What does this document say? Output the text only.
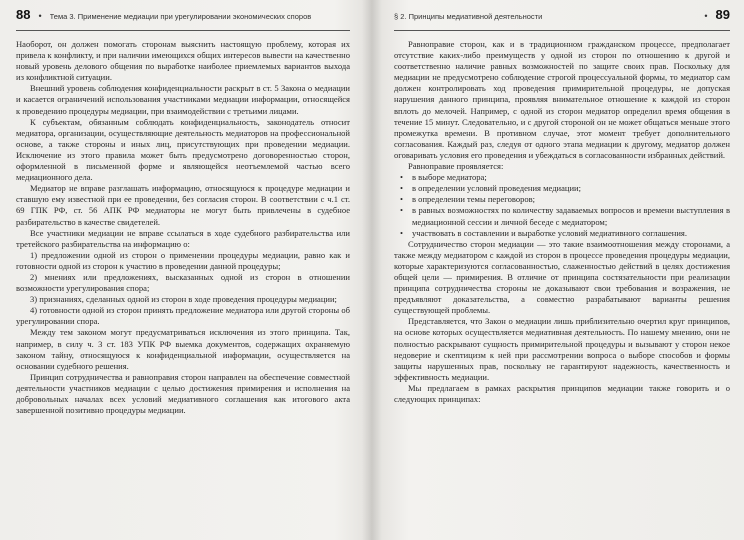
88 • Тема 3. Применение медиации при урегулировании экономических споров

Наоборот, он должен помогать сторонам выяснить настоящую проблему, которая их привела к конфликту, и при наличии имеющихся общих интересов вывести на качественно новый уровень делового общения по выработке наиболее приемлемых вариантов выхода из конфликтной ситуации.

Внешний уровень соблюдения конфиденциальности раскрыт в ст. 5 Закона о медиации и касается ограничений использования участниками медиации информации, относящейся к проведению процедуры медиации, при взаимодействии с третьими лицами.

К субъектам, обязанным соблюдать конфиденциальность, законодатель относит медиатора, организации, осуществляющие деятельность медиаторов на профессиональной основе, а также стороны и иных лиц, присутствующих при проведении медиации. Исключение из этого правила может быть предусмотрено договоренностью сторон, оформленной в письменной форме и являющейся неотъемлемой частью всего медиационного дела.

Медиатор не вправе разглашать информацию, относящуюся к процедуре медиации и ставшую ему известной при ее проведении, без согласия сторон. В соответствии с ч.1 ст. 69 ГПК РФ, ст. 56 АПК РФ медиаторы не могут быть привлечены в судебное разбирательство в качестве свидетелей.

Все участники медиации не вправе ссылаться в ходе судебного разбирательства или третейского разбирательства на информацию о:

1) предложении одной из сторон о применении процедуры медиации, равно как и готовности одной из сторон к участию в проведении данной процедуры;

2) мнениях или предложениях, высказанных одной из сторон в отношении возможности урегулирования спора;

3) признаниях, сделанных одной из сторон в ходе проведения процедуры медиации;

4) готовности одной из сторон принять предложение медиатора или другой стороны об урегулировании спора.

Между тем законом могут предусматриваться исключения из этого принципа. Так, например, в силу ч. 3 ст. 183 УПК РФ выемка документов, содержащих охраняемую законом тайну, относящуюся к конфиденциальной информации, осуществляется на основании судебного решения.

Принцип сотрудничества и равноправия сторон направлен на обеспечение совместной деятельности участников медиации с целью достижения примирения и исполнения на добровольных началах всех условий медиативного соглашения как итогового акта завершенной позитивно процедуры медиации.

§ 2. Принципы медиативной деятельности	• 89

Равноправие сторон, как и в традиционном гражданском процессе, предполагает отсутствие каких-либо преимуществ у одной из сторон по отношению к другой и соответственно наличие равных возможностей по защите своих прав. Поскольку для медиации не предусмотрено соблюдение строгой процессуальной формы, то медиатор сам должен контролировать ход проведения примирительной процедуры, не допуская нарушения данного принципа, проявляя внимательное отношение к каждой из сторон вплоть до мелочей. Например, с одной из сторон медиатор определил время общения в течение 15 минут. Следовательно, и с другой стороной он не может общаться меньше этого промежутка времени. В противном случае, этот момент требует дополнительного согласования. Каждый раз, следуя от одного этапа медиации к другому, медиатор должен оговаривать условия его проведения и убеждаться в согласованности избранных действий.

Равноправие проявляется:

• в выборе медиатора;
• в определении условий проведения медиации;
• в определении темы переговоров;
• в равных возможностях по количеству задаваемых вопросов и времени выступления в медиационной сессии и личной беседе с медиатором;
• участвовать в составлении и выработке условий медиативного соглашения.

Сотрудничество сторон медиации — это такие взаимоотношения между сторонами, а также между медиатором с каждой из сторон в процессе проведения процедуры медиации, которые характеризуются согласованностью, слаженностью действий в целях достижения общей цели — примирения. В отличие от принципа состязательности при реализации принципа сотрудничества стороны не доказывают свои требования и возражения, не предъявляют доказательства, а совместно разрабатывают варианты решения существующей проблемы.

Представляется, что Закон о медиации лишь приблизительно очертил круг принципов, на основе которых осуществляется медиативная деятельность. По нашему мнению, они не полностью раскрывают сущность примирительной процедуры и вызывают у сторон некое недоверие и скептицизм к ней при рассмотрении вопроса о выборе способов и формы защиты нарушенных прав, поскольку не гарантируют надежность, качественность и эффективность медиации.

Мы предлагаем в рамках раскрытия принципов медиации также говорить и о следующих принципах:
